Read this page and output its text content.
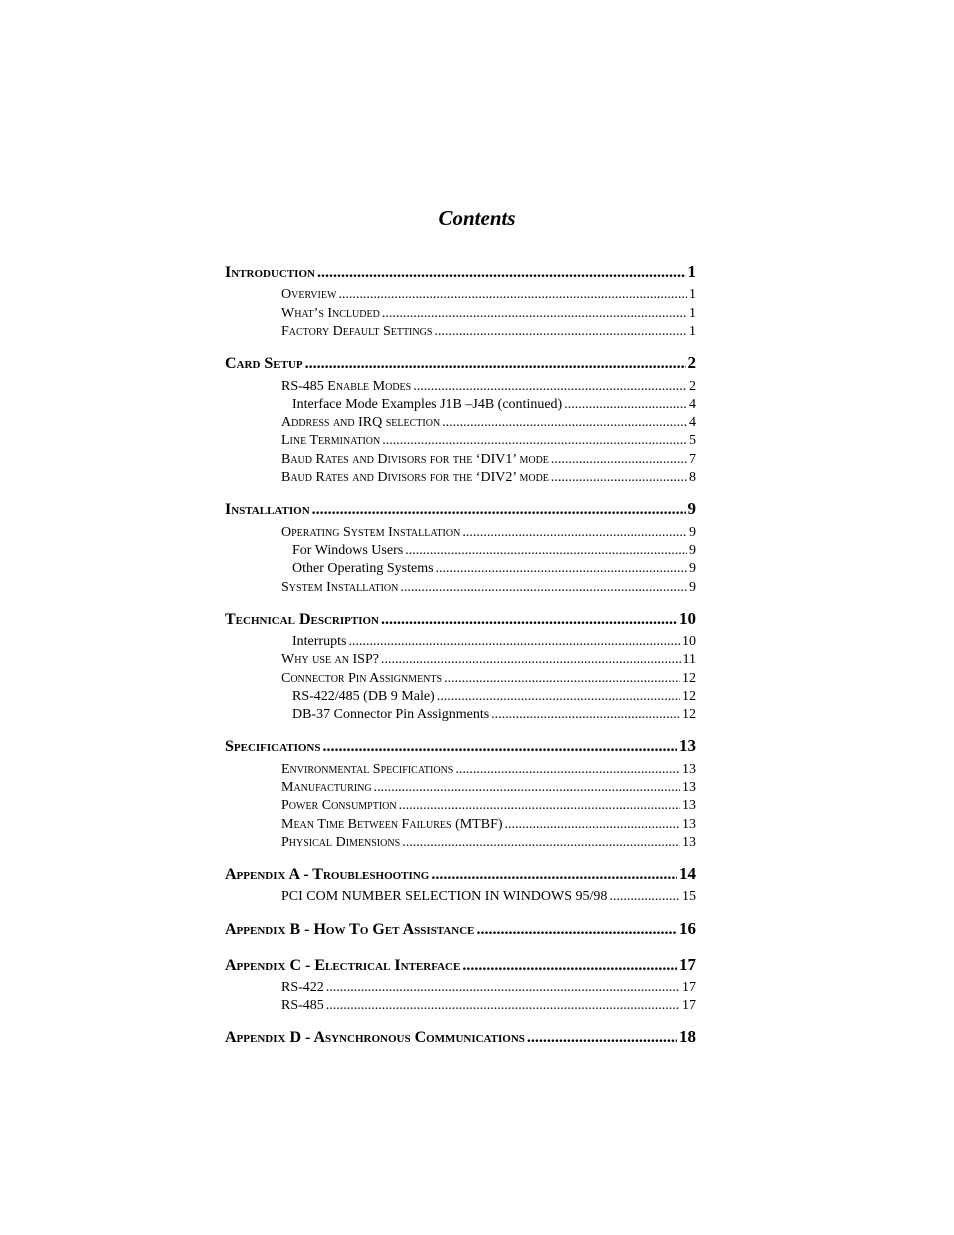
Contents
Introduction .....	1
Overview .....	1
What’s Included .....	1
Factory Default Settings .....	1
Card Setup .....	2
RS-485 Enable Modes .....	2
Interface Mode Examples J1B –J4B (continued) .....	4
Address and IRQ selection .....	4
Line Termination .....	5
Baud Rates and Divisors for the ‘DIV1’ mode .....	7
Baud Rates and Divisors for the ‘DIV2’ mode .....	8
Installation .....	9
Operating System Installation .....	9
For Windows Users .....	9
Other Operating Systems .....	9
System Installation .....	9
Technical Description .....	10
Interrupts .....	10
Why use an ISP? .....	11
Connector Pin Assignments .....	12
RS-422/485 (DB 9 Male) .....	12
DB-37 Connector Pin Assignments .....	12
Specifications .....	13
Environmental Specifications .....	13
Manufacturing .....	13
Power Consumption .....	13
Mean Time Between Failures (MTBF) .....	13
Physical Dimensions .....	13
Appendix A - Troubleshooting .....	14
PCI COM NUMBER SELECTION IN WINDOWS 95/98 .....	15
Appendix B - How To Get Assistance .....	16
Appendix C - Electrical Interface .....	17
RS-422 .....	17
RS-485 .....	17
Appendix D - Asynchronous Communications .....	18
